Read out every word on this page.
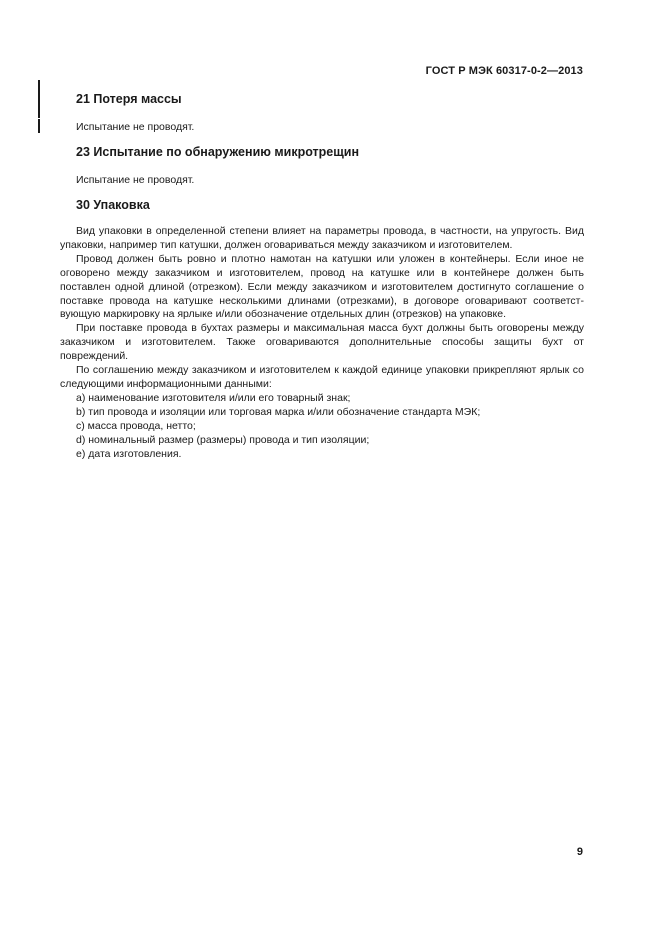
ГОСТ Р МЭК 60317-0-2—2013
21 Потеря массы

Испытание не проводят.

23 Испытание по обнаружению микротрещин

Испытание не проводят.

30 Упаковка

Вид упаковки в определенной степени влияет на параметры провода, в частности, на упругость. Вид упаковки, например тип катушки, должен оговариваться между заказчиком и изготовителем.

Провод должен быть ровно и плотно намотан на катушки или уложен в контейнеры. Если иное не оговорено между заказчиком и изготовителем, провод на катушке или в контейнере должен быть поставлен одной длиной (отрезком). Если между заказчиком и изготовителем достигнуто соглашение о поставке провода на катушке несколькими длинами (отрезками), в договоре оговаривают соответствующую маркировку на ярлыке и/или обозначение отдельных длин (отрезков) на упаковке.

При поставке провода в бухтах размеры и максимальная масса бухт должны быть оговорены между заказчиком и изготовителем. Также оговариваются дополнительные способы защиты бухт от повреждений.

По соглашению между заказчиком и изготовителем к каждой единице упаковки прикрепляют ярлык со следующими информационными данными:

a) наименование изготовителя и/или его товарный знак;
b) тип провода и изоляции или торговая марка и/или обозначение стандарта МЭК;
c) масса провода, нетто;
d) номинальный размер (размеры) провода и тип изоляции;
e) дата изготовления.
9
